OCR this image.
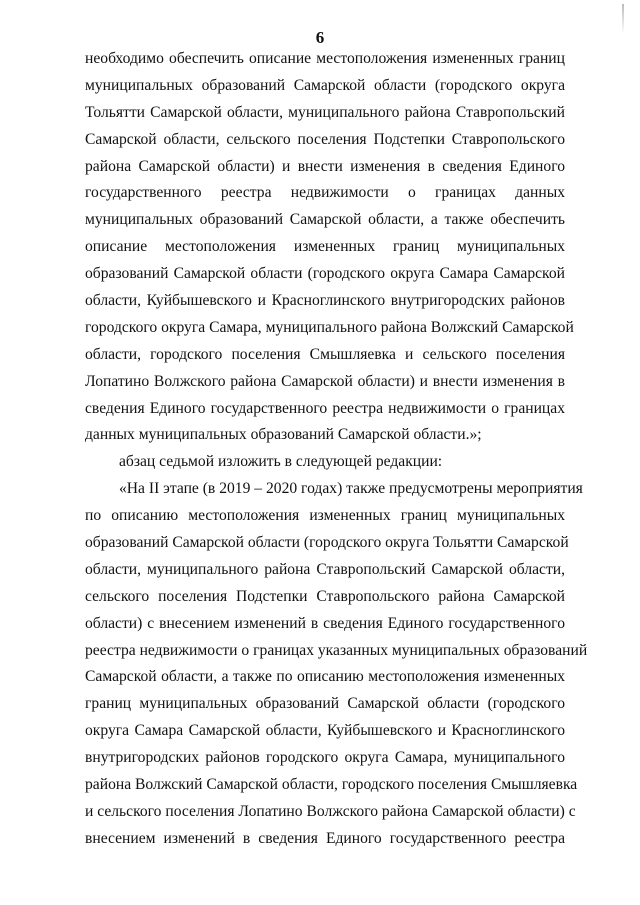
6
необходимо обеспечить описание местоположения измененных границ
муниципальных образований Самарской области (городского округа
Тольятти Самарской области, муниципального района Ставропольский
Самарской области, сельского поселения Подстепки Ставропольского
района Самарской области) и внести изменения в сведения Единого
государственного реестра недвижимости о границах данных
муниципальных образований Самарской области, а также обеспечить
описание местоположения измененных границ муниципальных
образований Самарской области (городского округа Самара Самарской
области, Куйбышевского и Красноглинского внутригородских районов
городского округа Самара, муниципального района Волжский Самарской
области, городского поселения Смышляевка и сельского поселения
Лопатино Волжского района Самарской области) и внести изменения в
сведения Единого государственного реестра недвижимости о границах
данных муниципальных образований Самарской области.»;
абзац седьмой изложить в следующей редакции:
«На II этапе (в 2019 – 2020 годах) также предусмотрены мероприятия
по описанию местоположения измененных границ муниципальных
образований Самарской области (городского округа Тольятти Самарской
области, муниципального района Ставропольский Самарской области,
сельского поселения Подстепки Ставропольского района Самарской
области) с внесением изменений в сведения Единого государственного
реестра недвижимости о границах указанных муниципальных образований
Самарской области, а также по описанию местоположения измененных
границ муниципальных образований Самарской области (городского
округа Самара Самарской области, Куйбышевского и Красноглинского
внутригородских районов городского округа Самара, муниципального
района Волжский Самарской области, городского поселения Смышляевка
и сельского поселения Лопатино Волжского района Самарской области) с
внесением изменений в сведения Единого государственного реестра
